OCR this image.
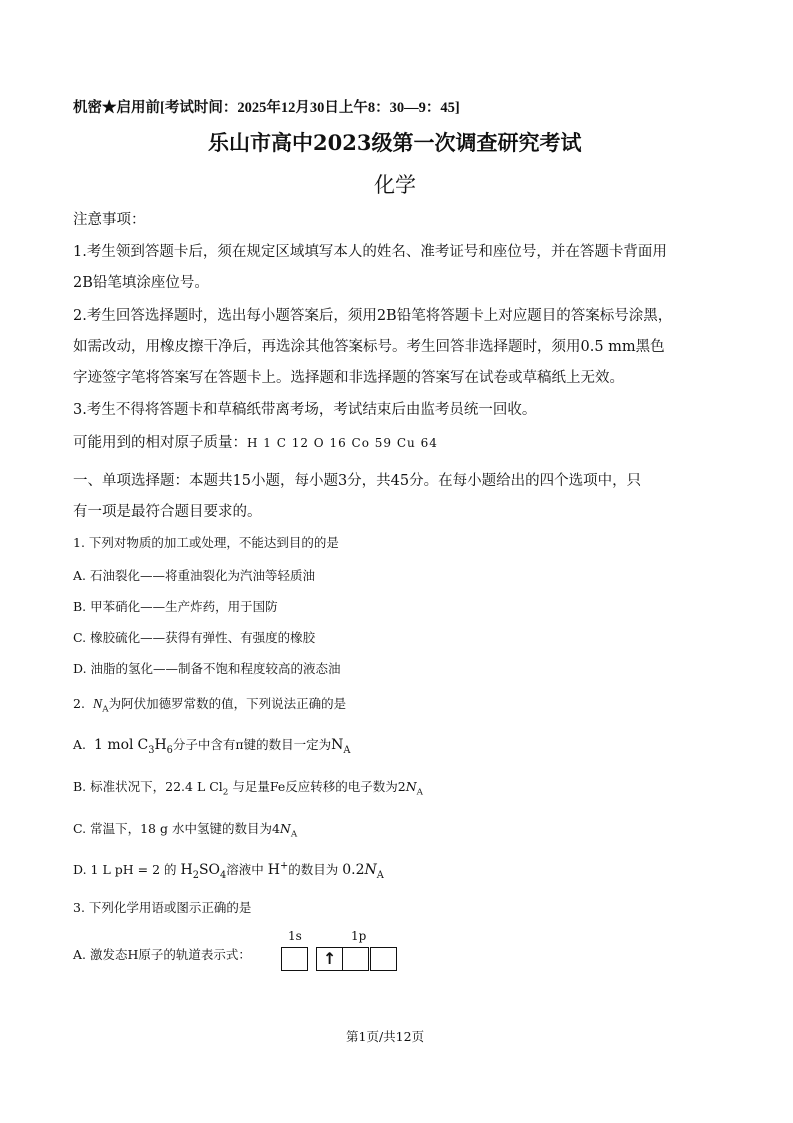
机密★启用前[考试时间：2025年12月30日上午8：30—9：45]
乐山市高中2023级第一次调查研究考试
化学
注意事项：
1.考生领到答题卡后，须在规定区域填写本人的姓名、准考证号和座位号，并在答题卡背面用
2B铅笔填涂座位号。
2.考生回答选择题时，选出每小题答案后，须用2B铅笔将答题卡上对应题目的答案标号涂黑，
如需改动，用橡皮擦干净后，再选涂其他答案标号。考生回答非选择题时，须用0.5 mm黑色
字迹签字笔将答案写在答题卡上。选择题和非选择题的答案写在试卷或草稿纸上无效。
3.考生不得将答题卡和草稿纸带离考场，考试结束后由监考员统一回收。
可能用到的相对原子质量：H 1 C 12 O 16 Co 59 Cu 64
一、单项选择题：本题共15小题，每小题3分，共45分。在每小题给出的四个选项中，只
有一项是最符合题目要求的。
1. 下列对物质的加工或处理，不能达到目的的是
A. 石油裂化——将重油裂化为汽油等轻质油
B. 甲苯硝化——生产炸药，用于国防
C. 橡胶硫化——获得有弹性、有强度的橡胶
D. 油脂的氢化——制备不饱和程度较高的液态油
2. $N_A$为阿伏加德罗常数的值，下列说法正确的是
A. 1 mol $C_3H_6$分子中含有π键的数目一定为$N_A$
B. 标准状况下，22.4 L $Cl_2$ 与足量Fe反应转移的电子数为$2N_A$
C. 常温下，18 g 水中氢键的数目为$4N_A$
D. 1 L pH = 2 的 $H_2SO_4$溶液中 H+的数目为 $0.2N_A$
3. 下列化学用语或图示正确的是
A. 激发态H原子的轨道表示式：
1s	1p
↑
第1页/共12页
